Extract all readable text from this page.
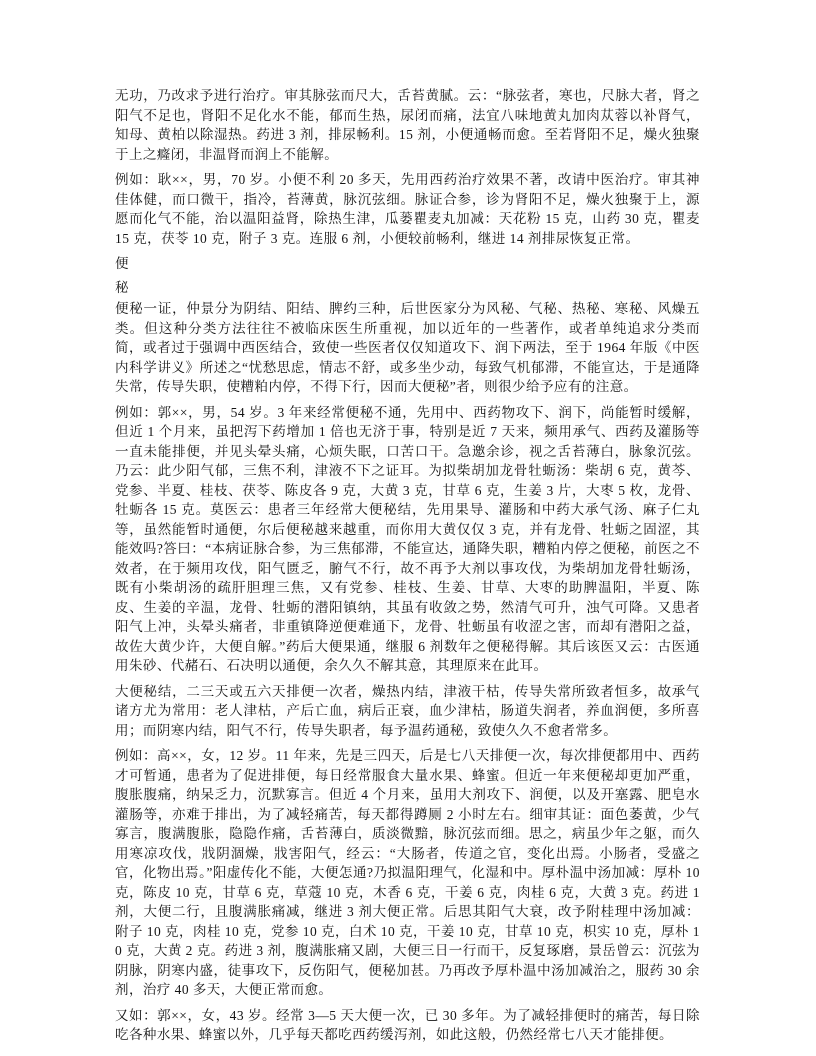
无功，乃改求予进行治疗。审其脉弦而尺大，舌苔黄腻。云：“脉弦者，寒也，尺脉大者，肾之阳气不足也，肾阳不足化水不能，郁而生热，尿闭而痛，法宜八味地黄丸加肉苁蓉以补肾气，知母、黄柏以除湿热。药进 3 剂，排尿畅利。15 剂，小便通畅而愈。至若肾阳不足，燥火独聚于上之癃闭，非温肾而润上不能解。

例如：耿××，男，70 岁。小便不利 20 多天，先用西药治疗效果不著，改请中医治疗。审其神佳体健，而口微干，指冷，苔薄黄，脉沉弦细。脉证合参，诊为肾阳不足，燥火独聚于上，源愿而化气不能，治以温阳益肾，除热生津，瓜蒌瞿麦丸加减：天花粉 15 克，山药 30 克，瞿麦 15 克，茯苓 10 克，附子 3 克。连服 6 剂，小便较前畅利，继进 14 剂排尿恢复正常。

便

秘

便秘一证，仲景分为阴结、阳结、脾约三种，后世医家分为风秘、气秘、热秘、寒秘、风燥五类。但这种分类方法往往不被临床医生所重视，加以近年的一些著作，或者单纯追求分类而简，或者过于强调中西医结合，致使一些医者仅仅知道攻下、润下两法，至于 1964 年版《中医内科学讲义》所述之“忧愁思虑，情志不舒，或多坐少动，每致气机郁滞，不能宣达，于是通降失常，传导失职，使糟粕内停，不得下行，因而大便秘”者，则很少给予应有的注意。

例如：郭××，男，54 岁。3 年来经常便秘不通，先用中、西药物攻下、润下，尚能暂时缓解，但近 1 个月来，虽把泻下药增加 1 倍也无济于事，特别是近 7 天来，频用承气、西药及灌肠等一直未能排便，并见头晕头痛，心烦失眠，口苦口干。急邀余诊，视之舌苔薄白，脉象沉弦。乃云：此少阳气郁，三焦不利，津液不下之证耳。为拟柴胡加龙骨牡蛎汤：柴胡 6 克，黄芩、党参、半夏、桂枝、茯苓、陈皮各 9 克，大黄 3 克，甘草 6 克，生姜 3 片，大枣 5 枚，龙骨、牡蛎各 15 克。莫医云：患者三年经常大便秘结，先用果导、灌肠和中药大承气汤、麻子仁丸等，虽然能暂时通便，尔后便秘越来越重，而你用大黄仅仅 3 克，并有龙骨、牡蛎之固涩，其能效吗?答曰：“本病证脉合参，为三焦郁滞，不能宣达，通降失职，糟粕内停之便秘，前医之不效者，在于频用攻伐，阳气匮乏，腑气不行，故不再予大剂以事攻伐，为柴胡加龙骨牡蛎汤，既有小柴胡汤的疏肝胆理三焦，又有党参、桂枝、生姜、甘草、大枣的助脾温阳，半夏、陈皮、生姜的辛温，龙骨、牡蛎的潜阳镇纳，其虽有收敛之势，然清气可升，浊气可降。又患者阳气上冲，头晕头痛者，非重镇降逆便难通下，龙骨、牡蛎虽有收涩之害，而却有潜阳之益，故佐大黄少许，大便自解。”药后大便果通，继服 6 剂数年之便秘得解。其后该医又云：古医通用朱砂、代赭石、石决明以通便，余久久不解其意，其理原来在此耳。

大便秘结，二三天或五六天排便一次者，燥热内结，津液干枯，传导失常所致者恒多，故承气诸方尤为常用：老人津枯，产后亡血，病后正衰，血少津枯，肠道失润者，养血润便，多所喜用；而阴寒内结，阳气不行，传导失职者，每予温药通秘，致使久久不愈者常多。

例如：高××，女，12 岁。11 年来，先是三四天，后是七八天排便一次，每次排便都用中、西药才可暂通，患者为了促进排便，每日经常服食大量水果、蜂蜜。但近一年来便秘却更加严重，腹胀腹痛，纳呆乏力，沉默寡言。但近 4 个月来，虽用大剂攻下、润便，以及开塞露、肥皂水灌肠等，亦难于排出，为了减轻痛苦，每天都得蹲厕 2 小时左右。细审其证：面色萎黄，少气寡言，腹满腹胀，隐隐作痛，舌苔薄白，质淡微黯，脉沉弦而细。思之，病虽少年之躯，而久用寒凉攻伐，戕阴涸燥，戕害阳气，经云：“大肠者，传道之官，变化出焉。小肠者，受盛之官，化物出焉。”阳虚传化不能，大便怎通?乃拟温阳理气，化湿和中。厚朴温中汤加减：厚朴 10 克，陈皮 10 克，甘草 6 克，草蔻 10 克，木香 6 克，干姜 6 克，肉桂 6 克，大黄 3 克。药进 1 剂，大便二行，且腹满胀痛减，继进 3 剂大便正常。后思其阳气大衰，改予附桂理中汤加减：附子 10 克，肉桂 10 克，党参 10 克，白术 10 克，干姜 10 克，甘草 10 克，枳实 10 克，厚朴 10 克，大黄 2 克。药进 3 剂，腹满胀痛又剧，大便三日一行而干，反复琢磨，景岳曾云：沉弦为阴脉，阴寒内盛，徒事攻下，反伤阳气，便秘加甚。乃再改予厚朴温中汤加减治之，服药 30 余剂，治疗 40 多天，大便正常而愈。

又如：郭××，女，43 岁。经常 3—5 天大便一次，已 30 多年。为了减轻排便时的痛苦，每日除吃各种水果、蜂蜜以外，几乎每天都吃西药缓泻剂，如此这般，仍然经常七八天才能排便。
